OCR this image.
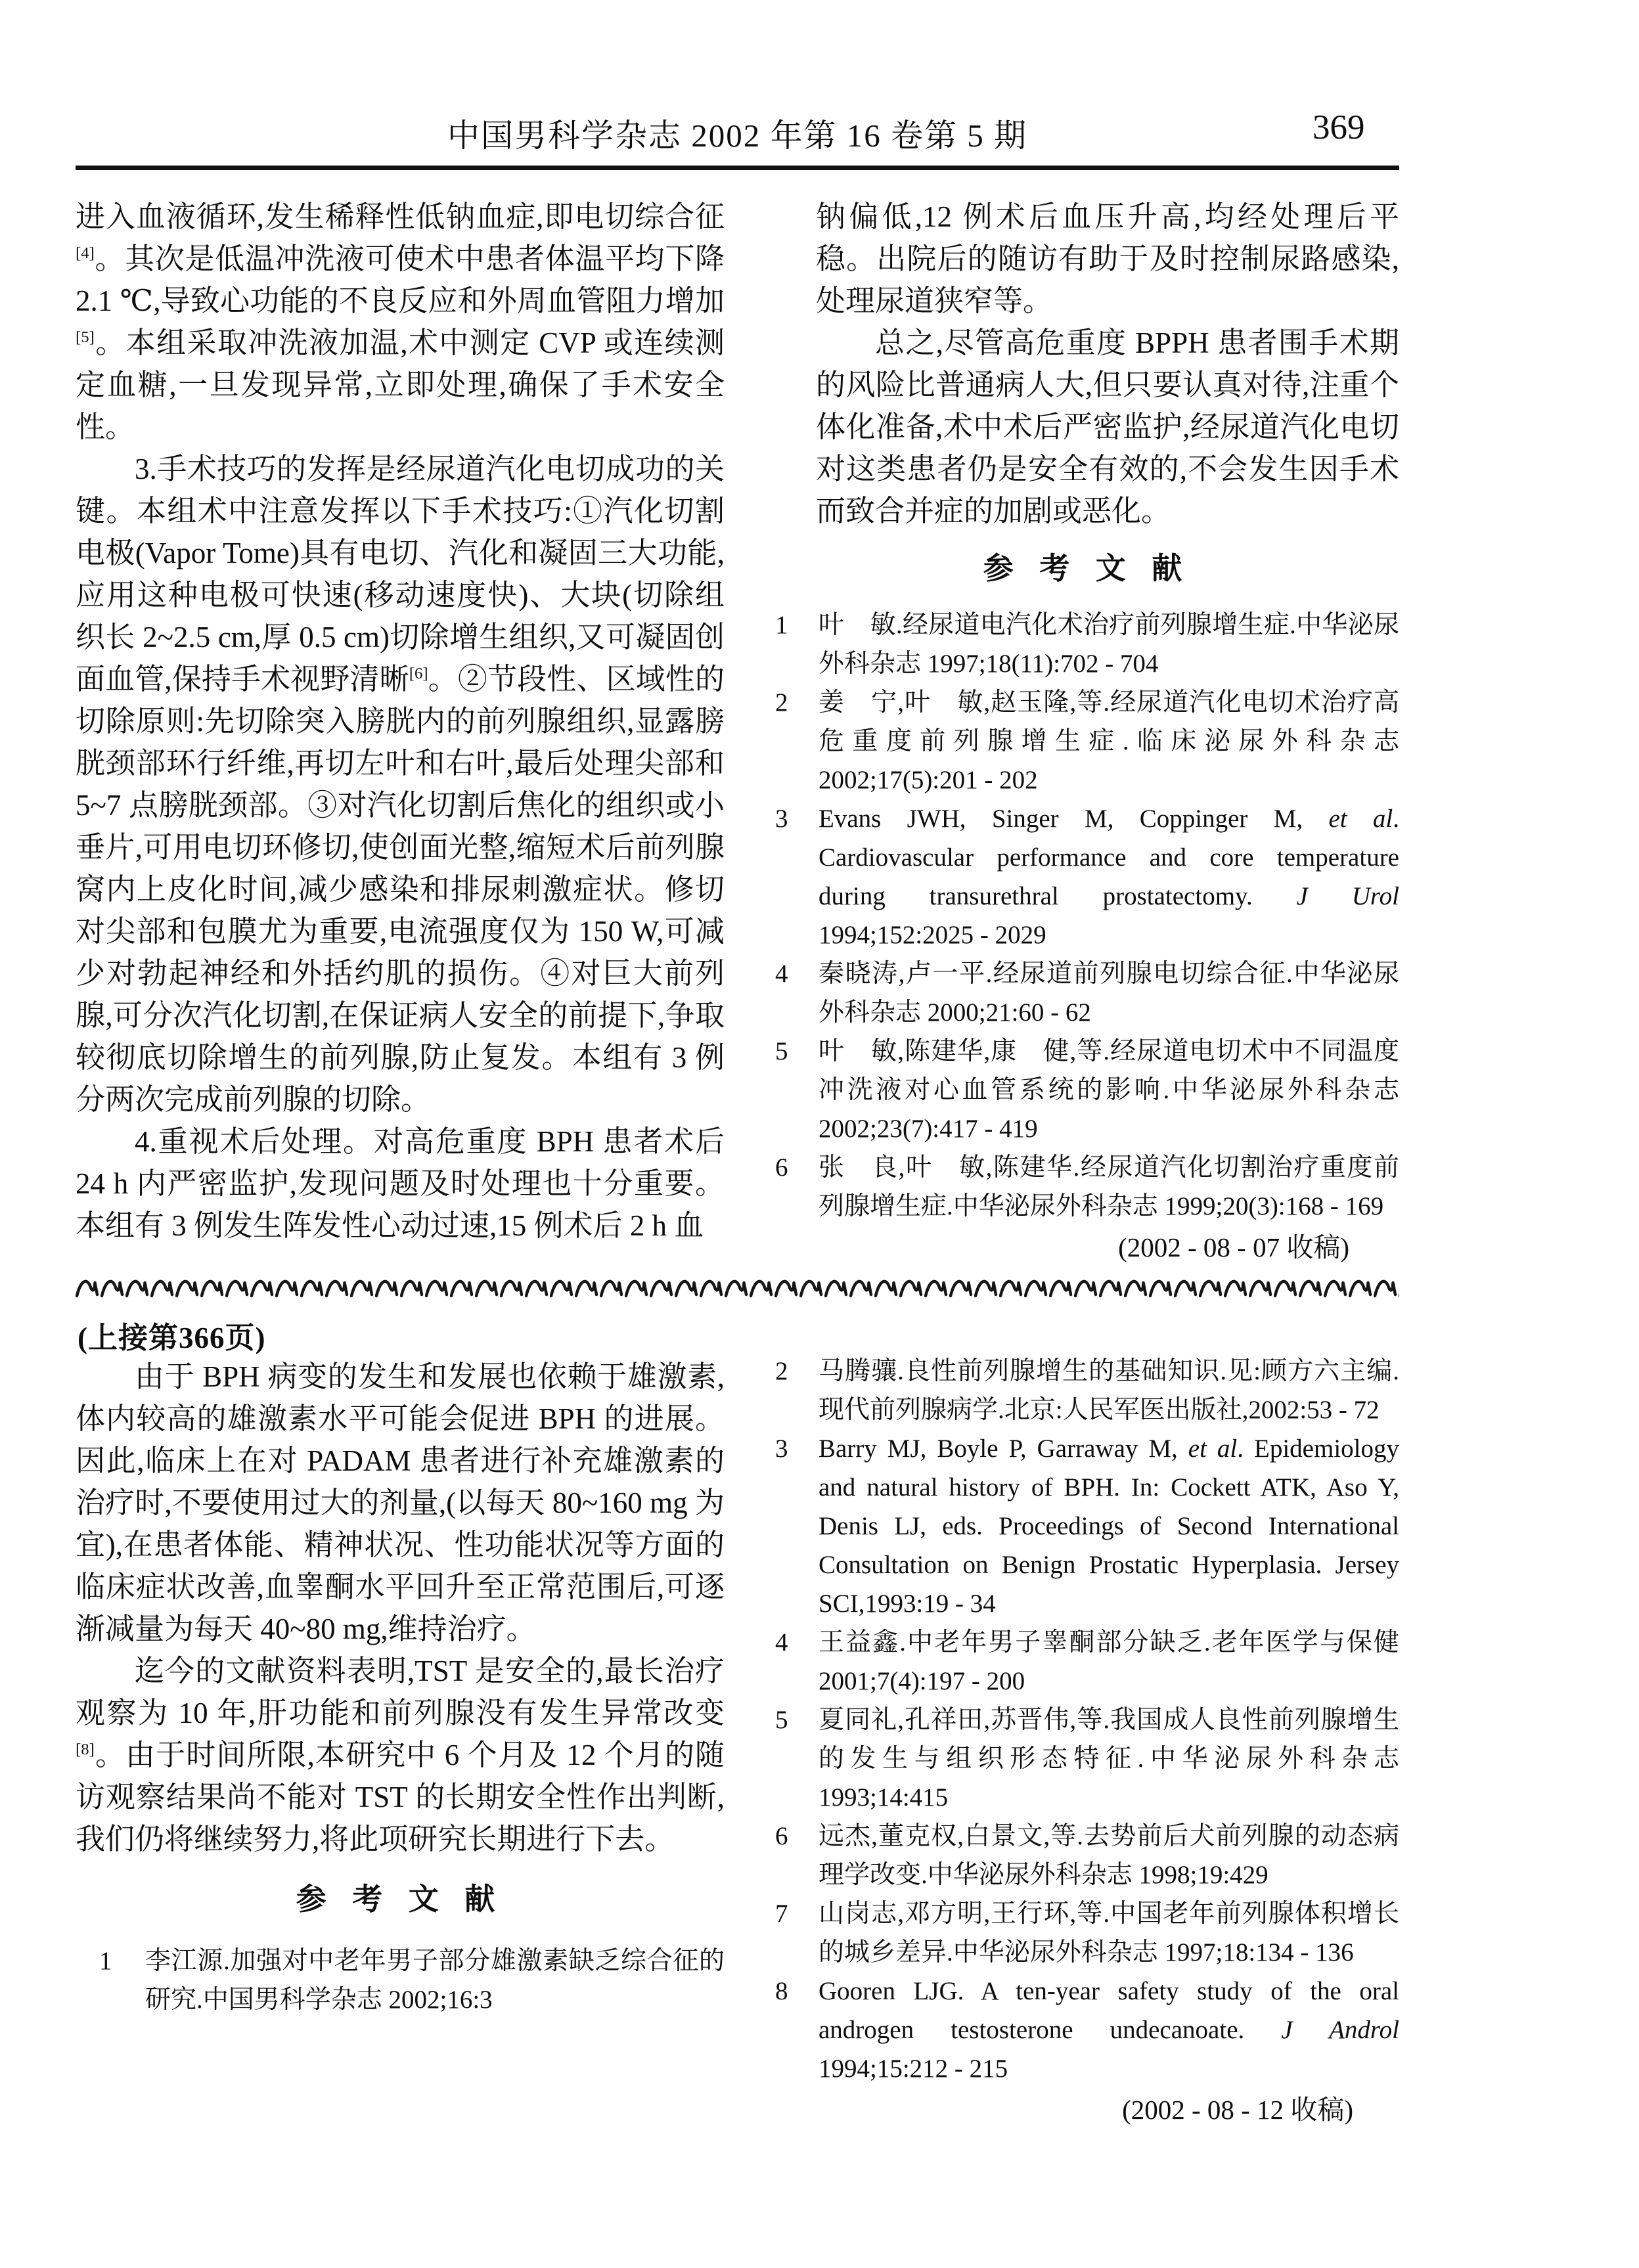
中国男科学杂志 2002 年第 16 卷第 5 期	369

进入血液循环,发生稀释性低钠血症,即电切综合征[4]。其次是低温冲洗液可使术中患者体温平均下降 2.1 ℃,导致心功能的不良反应和外周血管阻力增加[5]。本组采取冲洗液加温,术中测定 CVP 或连续测定血糖,一旦发现异常,立即处理,确保了手术安全性。

3.手术技巧的发挥是经尿道汽化电切成功的关键。本组术中注意发挥以下手术技巧:①汽化切割电极(Vapor Tome)具有电切、汽化和凝固三大功能,应用这种电极可快速(移动速度快)、大块(切除组织长 2~2.5 cm,厚 0.5 cm)切除增生组织,又可凝固创面血管,保持手术视野清晰[6]。②节段性、区域性的切除原则:先切除突入膀胱内的前列腺组织,显露膀胱颈部环行纤维,再切左叶和右叶,最后处理尖部和 5~7 点膀胱颈部。③对汽化切割后焦化的组织或小垂片,可用电切环修切,使创面光整,缩短术后前列腺窝内上皮化时间,减少感染和排尿刺激症状。修切对尖部和包膜尤为重要,电流强度仅为 150 W,可减少对勃起神经和外括约肌的损伤。④对巨大前列腺,可分次汽化切割,在保证病人安全的前提下,争取较彻底切除增生的前列腺,防止复发。本组有 3 例分两次完成前列腺的切除。

4.重视术后处理。对高危重度 BPH 患者术后 24 h 内严密监护,发现问题及时处理也十分重要。本组有 3 例发生阵发性心动过速,15 例术后 2 h 血

钠偏低,12 例术后血压升高,均经处理后平稳。出院后的随访有助于及时控制尿路感染,处理尿道狭窄等。

总之,尽管高危重度 BPPH 患者围手术期的风险比普通病人大,但只要认真对待,注重个体化准备,术中术后严密监护,经尿道汽化电切对这类患者仍是安全有效的,不会发生因手术而致合并症的加剧或恶化。

参 考 文 献
1	叶　敏.经尿道电汽化术治疗前列腺增生症.中华泌尿外科杂志 1997;18(11):702 - 704
2	姜　宁,叶　敏,赵玉隆,等.经尿道汽化电切术治疗高危重度前列腺增生症.临床泌尿外科杂志 2002;17(5):201 - 202
3	Evans JWH, Singer M, Coppinger M, et al. Cardiovascular performance and core temperature during transurethral prostatectomy. J Urol 1994;152:2025 - 2029
4	秦晓涛,卢一平.经尿道前列腺电切综合征.中华泌尿外科杂志 2000;21:60 - 62
5	叶　敏,陈建华,康　健,等.经尿道电切术中不同温度冲洗液对心血管系统的影响.中华泌尿外科杂志 2002;23(7):417 - 419
6	张　良,叶　敏,陈建华.经尿道汽化切割治疗重度前列腺增生症.中华泌尿外科杂志 1999;20(3):168 - 169
(2002 - 08 - 07 收稿)
(上接第366页)

由于 BPH 病变的发生和发展也依赖于雄激素,体内较高的雄激素水平可能会促进 BPH 的进展。因此,临床上在对 PADAM 患者进行补充雄激素的治疗时,不要使用过大的剂量,(以每天 80~160 mg 为宜),在患者体能、精神状况、性功能状况等方面的临床症状改善,血睾酮水平回升至正常范围后,可逐渐减量为每天 40~80 mg,维持治疗。

迄今的文献资料表明,TST 是安全的,最长治疗观察为 10 年,肝功能和前列腺没有发生异常改变[8]。由于时间所限,本研究中 6 个月及 12 个月的随访观察结果尚不能对 TST 的长期安全性作出判断,我们仍将继续努力,将此项研究长期进行下去。

参 考 文 献
1	李江源.加强对中老年男子部分雄激素缺乏综合征的研究.中国男科学杂志 2002;16:3
2	马腾骧.良性前列腺增生的基础知识.见:顾方六主编.现代前列腺病学.北京:人民军医出版社,2002:53 - 72
3	Barry MJ, Boyle P, Garraway M, et al. Epidemiology and natural history of BPH. In: Cockett ATK, Aso Y, Denis LJ, eds. Proceedings of Second International Consultation on Benign Prostatic Hyperplasia. Jersey SCI,1993:19 - 34
4	王益鑫.中老年男子睾酮部分缺乏.老年医学与保健 2001;7(4):197 - 200
5	夏同礼,孔祥田,苏晋伟,等.我国成人良性前列腺增生的发生与组织形态特征.中华泌尿外科杂志 1993;14:415
6	远杰,董克权,白景文,等.去势前后犬前列腺的动态病理学改变.中华泌尿外科杂志 1998;19:429
7	山岗志,邓方明,王行环,等.中国老年前列腺体积增长的城乡差异.中华泌尿外科杂志 1997;18:134 - 136
8	Gooren LJG. A ten-year safety study of the oral androgen testosterone undecanoate. J Androl 1994;15:212 - 215
(2002 - 08 - 12 收稿)
